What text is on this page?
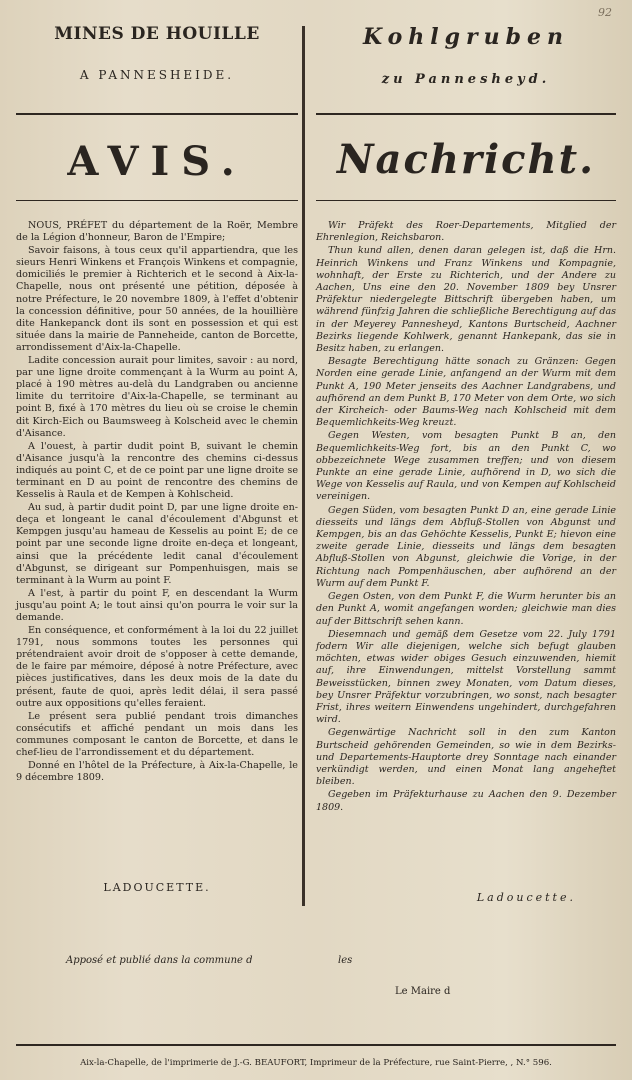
92
MINES DE HOUILLE
A PANNESHEIDE.
AVIS.

NOUS, PRÉFET du département de la Roër, Membre de la Légion d'honneur, Baron de l'Empire;

Savoir faisons, à tous ceux qu'il appartiendra, que les sieurs Henri Winkens et François Winkens et compagnie, domiciliés le premier à Richterich et le second à Aix-la-Chapelle, nous ont présenté une pétition, déposée à notre Préfecture, le 20 novembre 1809, à l'effet d'obtenir la concession définitive, pour 50 années, de la houillière dite Hankepanck dont ils sont en possession et qui est située dans la mairie de Panneheide, canton de Borcette, arrondissement d'Aix-la-Chapelle.

Ladite concession aurait pour limites, savoir : au nord, par une ligne droite commençant à la Wurm au point A, placé à 190 mètres au-delà du Landgraben ou ancienne limite du territoire d'Aix-la-Chapelle, se terminant au point B, fixé à 170 mètres du lieu où se croise le chemin dit Kirch-Eich ou Baumsweeg à Kolscheid avec le chemin d'Aisance.

A l'ouest, à partir dudit point B, suivant le chemin d'Aisance jusqu'à la rencontre des chemins ci-dessus indiqués au point C, et de ce point par une ligne droite se terminant en D au point de rencontre des chemins de Kesselis à Raula et de Kempen à Kohlscheid.

Au sud, à partir dudit point D, par une ligne droite en-deça et longeant le canal d'écoulement d'Abgunst et Kempgen jusqu'au hameau de Kesselis au point E; de ce point par une seconde ligne droite en-deça et longeant, ainsi que la précédente ledit canal d'écoulement d'Abgunst, se dirigeant sur Pompenhuisgen, mais se terminant à la Wurm au point F.

A l'est, à partir du point F, en descendant la Wurm jusqu'au point A; le tout ainsi qu'on pourra le voir sur la demande.

En conséquence, et conformément à la loi du 22 juillet 1791, nous sommons toutes les personnes qui prétendraient avoir droit de s'opposer à cette demande, de le faire par mémoire, déposé à notre Préfecture, avec pièces justificatives, dans les deux mois de la date du présent, faute de quoi, après ledit délai, il sera passé outre aux oppositions qu'elles feraient.

Le présent sera publié pendant trois dimanches consécutifs et affiché pendant un mois dans les communes composant le canton de Borcette, et dans le chef-lieu de l'arrondissement et du département.

Donné en l'hôtel de la Préfecture, à Aix-la-Chapelle, le 9 décembre 1809.

LADOUCETTE.
Kohlgruben
zu Pannesheyd.
Nachricht.

Wir Präfekt des Roer-Departements, Mitglied der Ehrenlegion, Reichsbaron.

Thun kund allen, denen daran gelegen ist, daß die Hrn. Heinrich Winkens und Franz Winkens und Kompagnie, wohnhaft, der Erste zu Richterich, und der Andere zu Aachen, Uns eine den 20. November 1809 bey Unsrer Präfektur niedergelegte Bittschrift übergeben haben, um während fünfzig Jahren die schließliche Berechtigung auf das in der Meyerey Pannesheyd, Kantons Burtscheid, Aachner Bezirks liegende Kohlwerk, genannt Hankepank, das sie in Besitz haben, zu erlangen.

Besagte Berechtigung hätte sonach zu Gränzen: Gegen Norden eine gerade Linie, anfangend an der Wurm mit dem Punkt A, 190 Meter jenseits des Aachner Landgrabens, und aufhörend an dem Punkt B, 170 Meter von dem Orte, wo sich der Kircheich- oder Baums-Weg nach Kohlscheid mit dem Bequemlichkeits-Weg kreuzt.

Gegen Westen, vom besagten Punkt B an, den Bequemlichkeits-Weg fort, bis an den Punkt C, wo obbezeichnete Wege zusammen treffen; und von diesem Punkte an eine gerade Linie, aufhörend in D, wo sich die Wege von Kesselis auf Raula, und von Kempen auf Kohlscheid vereinigen.

Gegen Süden, vom besagten Punkt D an, eine gerade Linie diesseits und längs dem Abfluß-Stollen von Abgunst und Kempgen, bis an das Gehöchte Kesselis, Punkt E; hievon eine zweite gerade Linie, diesseits und längs dem besagten Abfluß-Stollen von Abgunst, gleichwie die Vorige, in der Richtung nach Pompenhäuschen, aber aufhörend an der Wurm auf dem Punkt F.

Gegen Osten, von dem Punkt F, die Wurm herunter bis an den Punkt A, womit angefangen worden; gleichwie man dies auf der Bittschrift sehen kann.

Diesemnach und gemäß dem Gesetze vom 22. July 1791 fodern Wir alle diejenigen, welche sich befugt glauben möchten, etwas wider obiges Gesuch einzuwenden, hiemit auf, ihre Einwendungen, mittelst Vorstellung sammt Beweisstücken, binnen zwey Monaten, vom Datum dieses, bey Unsrer Präfektur vorzubringen, wo sonst, nach besagter Frist, ihres weitern Einwendens ungehindert, durchgefahren wird.

Gegenwärtige Nachricht soll in den zum Kanton Burtscheid gehörenden Gemeinden, so wie in dem Bezirks- und Departements-Hauptorte drey Sonntage nach einander verkündigt werden, und einen Monat lang angeheftet bleiben.

Gegeben im Präfekturhause zu Aachen den 9. Dezember 1809.

Ladoucette.
Apposé et publié dans la commune d	les
Le Maire d
Aix-la-Chapelle, de l'imprimerie de J.-G. BEAUFORT, Imprimeur de la Préfecture, rue Saint-Pierre, , N.° 596.
